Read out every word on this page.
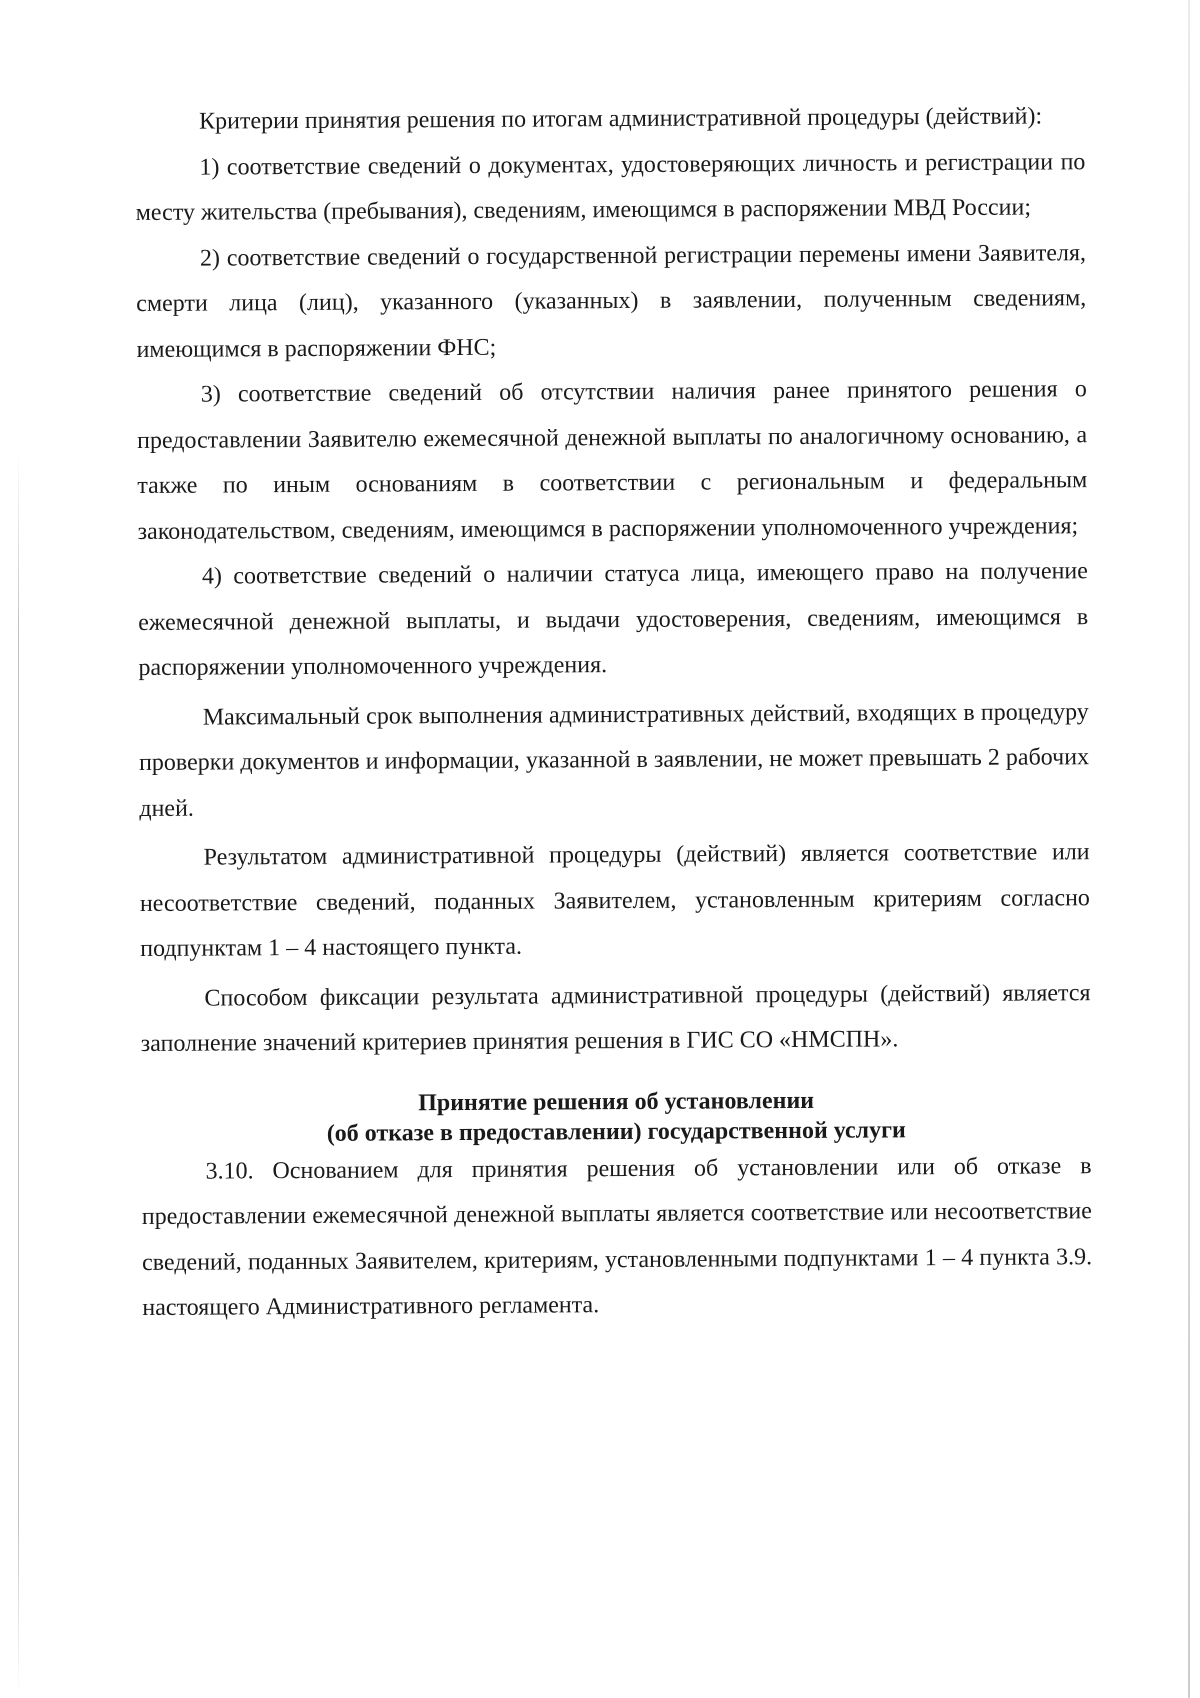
Критерии принятия решения по итогам административной процедуры (действий):

1) соответствие сведений о документах, удостоверяющих личность и регистрации по месту жительства (пребывания), сведениям, имеющимся в распоряжении МВД России;

2) соответствие сведений о государственной регистрации перемены имени Заявителя, смерти лица (лиц), указанного (указанных) в заявлении, полученным сведениям, имеющимся в распоряжении ФНС;

3) соответствие сведений об отсутствии наличия ранее принятого решения о предоставлении Заявителю ежемесячной денежной выплаты по аналогичному основанию, а также по иным основаниям в соответствии с региональным и федеральным законодательством, сведениям, имеющимся в распоряжении уполномоченного учреждения;

4) соответствие сведений о наличии статуса лица, имеющего право на получение ежемесячной денежной выплаты, и выдачи удостоверения, сведениям, имеющимся в распоряжении уполномоченного учреждения.

Максимальный срок выполнения административных действий, входящих в процедуру проверки документов и информации, указанной в заявлении, не может превышать 2 рабочих дней.

Результатом административной процедуры (действий) является соответствие или несоответствие сведений, поданных Заявителем, установленным критериям согласно подпунктам 1 – 4 настоящего пункта.

Способом фиксации результата административной процедуры (действий) является заполнение значений критериев принятия решения в ГИС СО «НМСПН».

Принятие решения об установлении
(об отказе в предоставлении) государственной услуги

3.10. Основанием для принятия решения об установлении или об отказе в предоставлении ежемесячной денежной выплаты является соответствие или несоответствие сведений, поданных Заявителем, критериям, установленными подпунктами 1 – 4 пункта 3.9. настоящего Административного регламента.
